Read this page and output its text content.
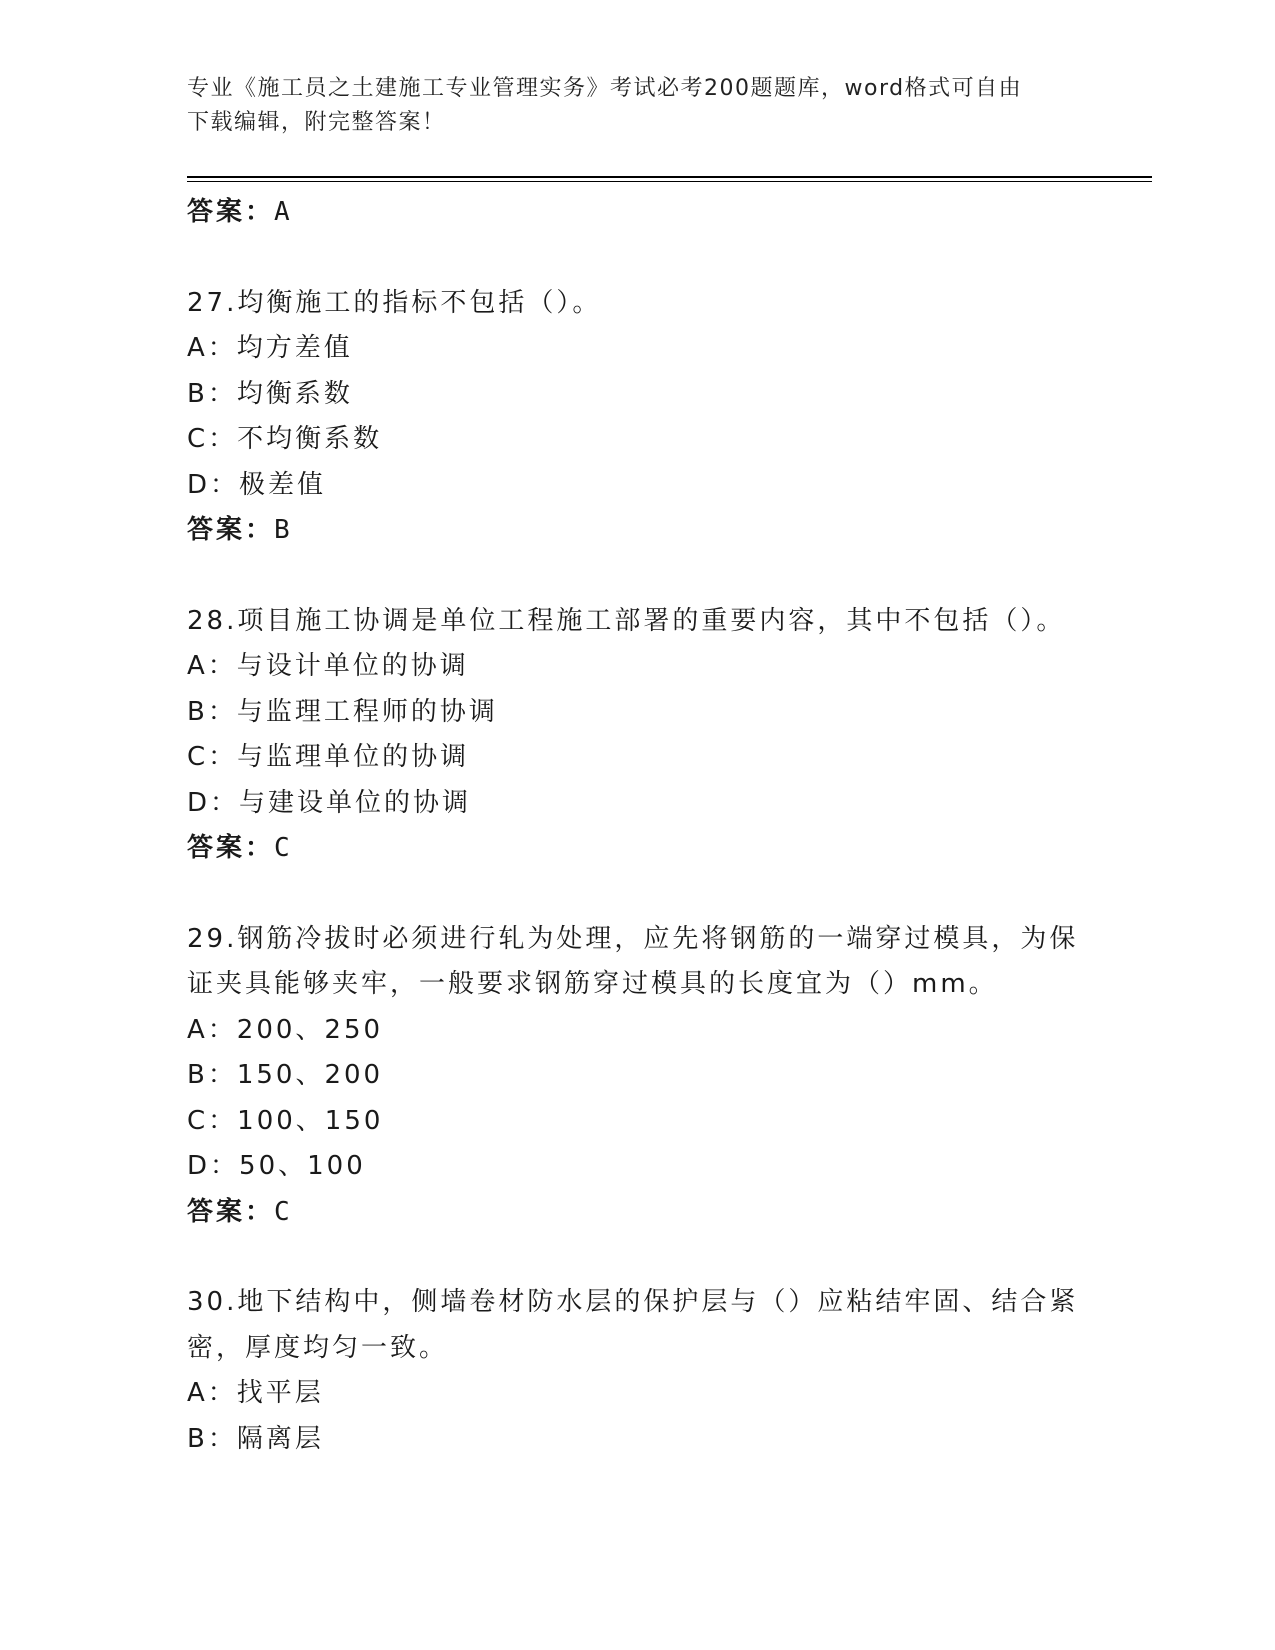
专业《施工员之土建施工专业管理实务》考试必考200题题库，word格式可自由
下载编辑，附完整答案！

答案：A

27.均衡施工的指标不包括（）。

A：均方差值

B：均衡系数

C：不均衡系数

D：极差值

答案：B

28.项目施工协调是单位工程施工部署的重要内容，其中不包括（）。

A：与设计单位的协调

B：与监理工程师的协调

C：与监理单位的协调

D：与建设单位的协调

答案：C

29.钢筋冷拔时必须进行轧为处理，应先将钢筋的一端穿过模具，为保

证夹具能够夹牢，一般要求钢筋穿过模具的长度宜为（）mm。

A：200、250

B：150、200

C：100、150

D：50、100

答案：C

30.地下结构中，侧墙卷材防水层的保护层与（）应粘结牢固、结合紧

密，厚度均匀一致。

A：找平层

B：隔离层
